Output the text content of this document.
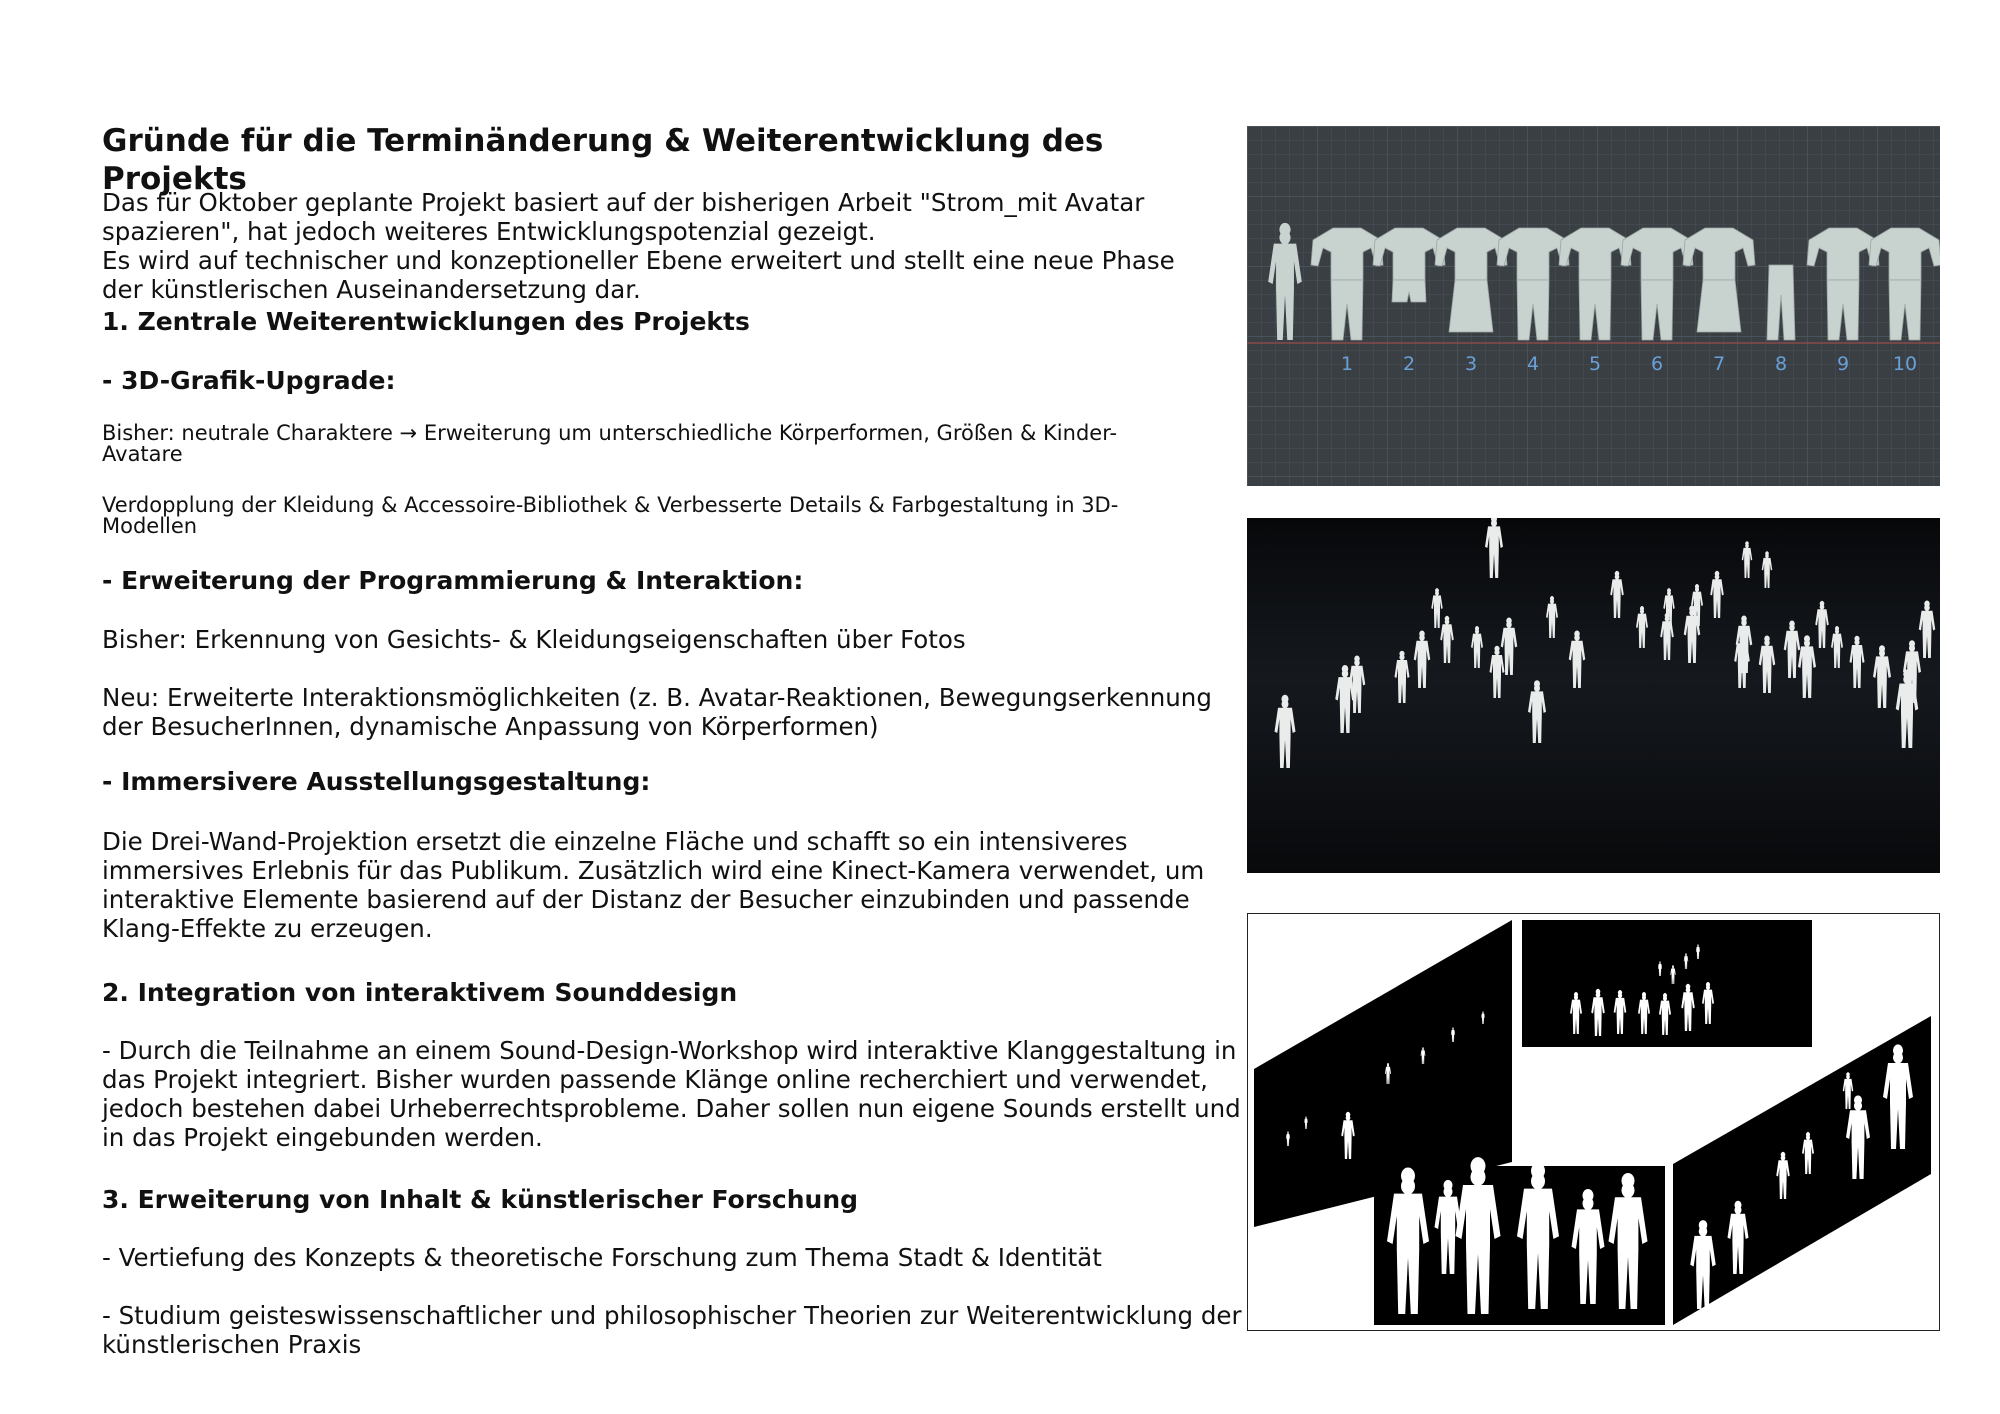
Gründe für die Terminänderung & Weiterentwicklung des Projekts

Das für Oktober geplante Projekt basiert auf der bisherigen Arbeit "Strom_mit Avatar
spazieren", hat jedoch weiteres Entwicklungspotenzial gezeigt.
Es wird auf technischer und konzeptioneller Ebene erweitert und stellt eine neue Phase
der künstlerischen Auseinandersetzung dar.

1. Zentrale Weiterentwicklungen des Projekts
- 3D-Grafik-Upgrade:

Bisher: neutrale Charaktere → Erweiterung um unterschiedliche Körperformen, Größen & Kinder-
Avatare

Verdopplung der Kleidung & Accessoire-Bibliothek & Verbesserte Details & Farbgestaltung in 3D-
Modellen

- Erweiterung der Programmierung & Interaktion:

Bisher: Erkennung von Gesichts- & Kleidungseigenschaften über Fotos

Neu: Erweiterte Interaktionsmöglichkeiten (z. B. Avatar-Reaktionen, Bewegungserkennung
der BesucherInnen, dynamische Anpassung von Körperformen)

- Immersivere Ausstellungsgestaltung:

Die Drei-Wand-Projektion ersetzt die einzelne Fläche und schafft so ein intensiveres
immersives Erlebnis für das Publikum. Zusätzlich wird eine Kinect-Kamera verwendet, um
interaktive Elemente basierend auf der Distanz der Besucher einzubinden und passende
Klang-Effekte zu erzeugen.

2. Integration von interaktivem Sounddesign

- Durch die Teilnahme an einem Sound-Design-Workshop wird interaktive Klanggestaltung in
das Projekt integriert. Bisher wurden passende Klänge online recherchiert und verwendet,
jedoch bestehen dabei Urheberrechtsprobleme. Daher sollen nun eigene Sounds erstellt und
in das Projekt eingebunden werden.

3. Erweiterung von Inhalt & künstlerischer Forschung

- Vertiefung des Konzepts & theoretische Forschung zum Thema Stadt & Identität

- Studium geisteswissenschaftlicher und philosophischer Theorien zur Weiterentwicklung der
künstlerischen Praxis

1	2	3	4	5	6	7	8	9 10
